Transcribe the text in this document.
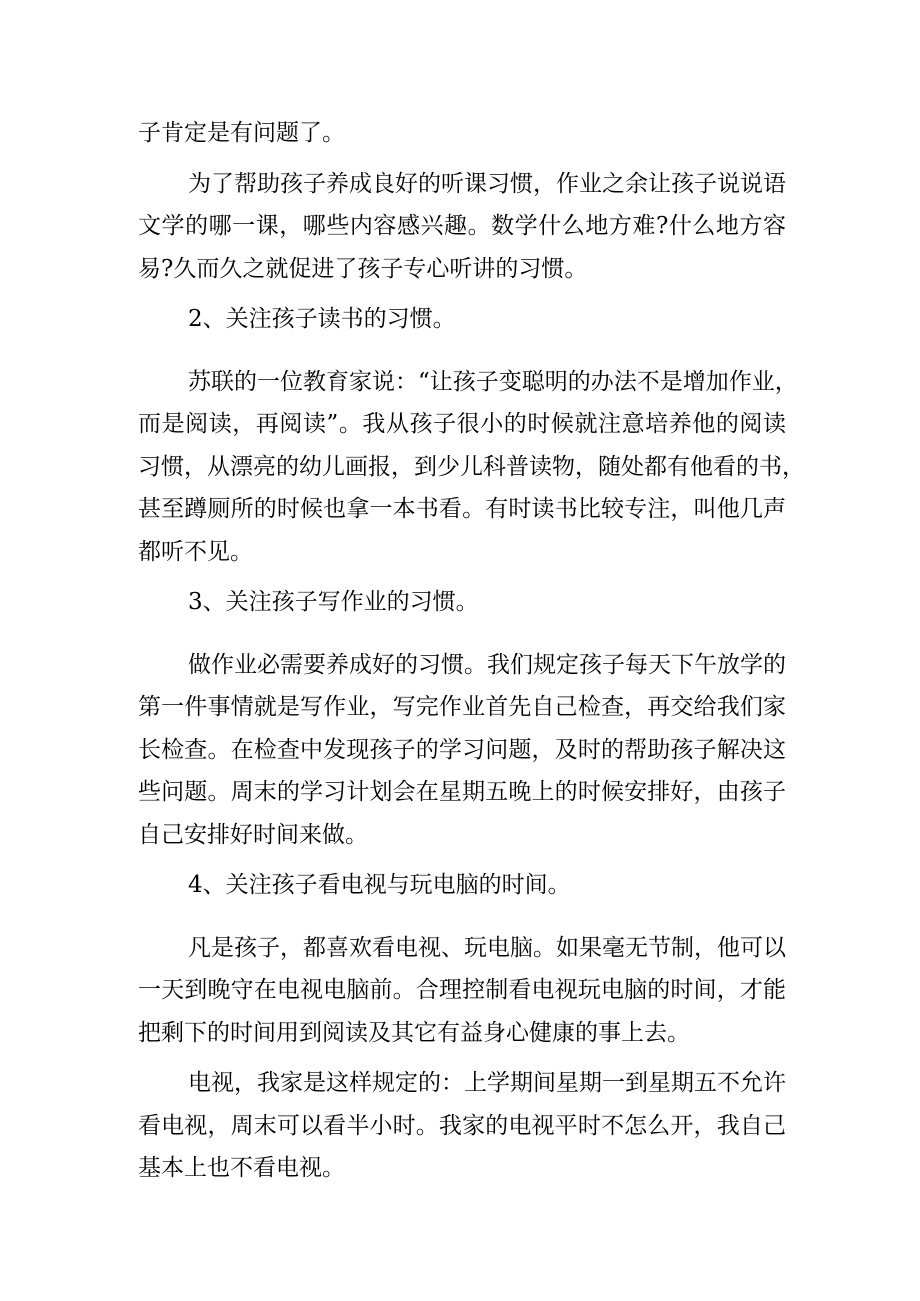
子肯定是有问题了。

为了帮助孩子养成良好的听课习惯，作业之余让孩子说说语
文学的哪一课，哪些内容感兴趣。数学什么地方难?什么地方容
易?久而久之就促进了孩子专心听讲的习惯。

2、关注孩子读书的习惯。

苏联的一位教育家说：“让孩子变聪明的办法不是增加作业，
而是阅读，再阅读”。我从孩子很小的时候就注意培养他的阅读
习惯，从漂亮的幼儿画报，到少儿科普读物，随处都有他看的书，
甚至蹲厕所的时候也拿一本书看。有时读书比较专注，叫他几声
都听不见。

3、关注孩子写作业的习惯。

做作业必需要养成好的习惯。我们规定孩子每天下午放学的
第一件事情就是写作业，写完作业首先自己检查，再交给我们家
长检查。在检查中发现孩子的学习问题，及时的帮助孩子解决这
些问题。周末的学习计划会在星期五晚上的时候安排好，由孩子
自己安排好时间来做。

4、关注孩子看电视与玩电脑的时间。

凡是孩子，都喜欢看电视、玩电脑。如果毫无节制，他可以
一天到晚守在电视电脑前。合理控制看电视玩电脑的时间，才能
把剩下的时间用到阅读及其它有益身心健康的事上去。

电视，我家是这样规定的：上学期间星期一到星期五不允许
看电视，周末可以看半小时。我家的电视平时不怎么开，我自己
基本上也不看电视。
